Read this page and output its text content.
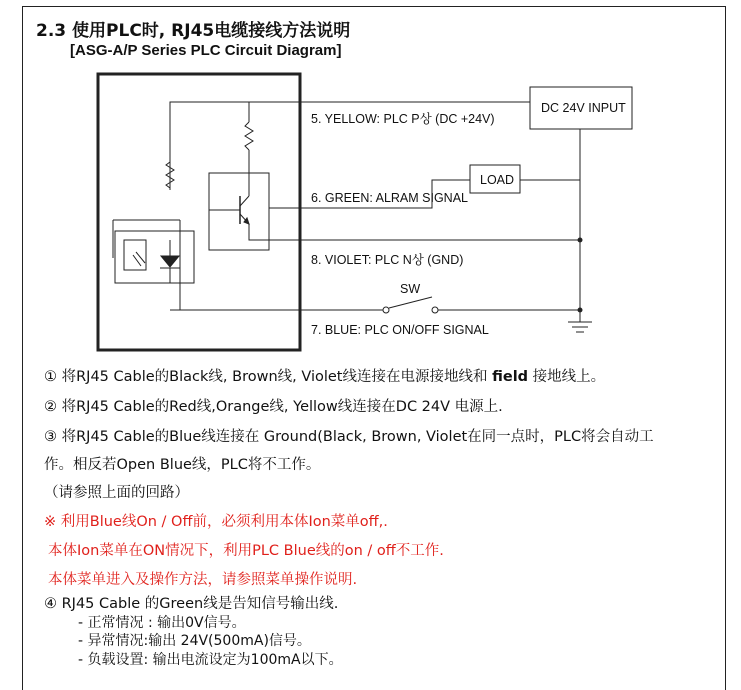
2.3 使用PLC时, RJ45电缆接线方法说明
[ASG-A/P Series PLC Circuit Diagram]
DC 24V INPUT
LOAD
SW
5. YELLOW: PLC P상 (DC +24V)
6. GREEN: ALRAM SIGNAL
8. VIOLET: PLC N상 (GND)
7. BLUE: PLC ON/OFF SIGNAL
① 将RJ45 Cable的Black线, Brown线, Violet线连接在电源接地线和 field 接地线上。
② 将RJ45 Cable的Red线,Orange线, Yellow线连接在DC 24V 电源上.
③ 将RJ45 Cable的Blue线连接在 Ground(Black, Brown, Violet在同一点时，PLC将会自动工
作。相反若Open Blue线，PLC将不工作。
（请参照上面的回路）
※ 利用Blue线On / Off前，必须利用本体Ion菜单off,.
本体Ion菜单在ON情况下，利用PLC Blue线的on / off不工作.
本体菜单进入及操作方法，请参照菜单操作说明.
④ RJ45 Cable 的Green线是告知信号输出线.
- 正常情况 : 输出0V信号。
- 异常情况:输出 24V(500mA)信号。
- 负载设置: 输出电流设定为100mA以下。
